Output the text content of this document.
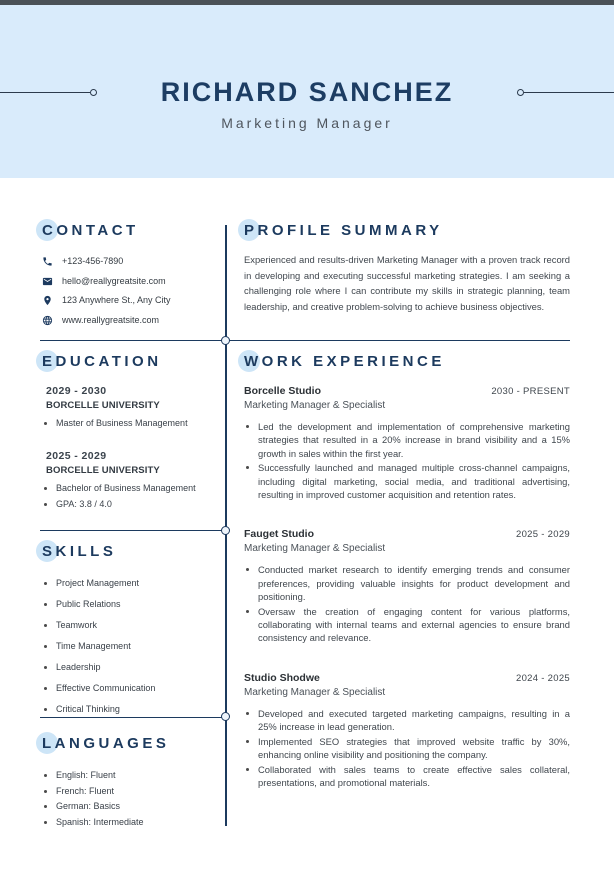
RICHARD SANCHEZ
Marketing Manager
CONTACT
+123-456-7890
hello@reallygreatsite.com
123 Anywhere St., Any City
www.reallygreatsite.com
EDUCATION
2029 - 2030
BORCELLE UNIVERSITY
Master of Business Management
2025 - 2029
BORCELLE UNIVERSITY
Bachelor of Business Management
GPA: 3.8 / 4.0
SKILLS
Project Management
Public Relations
Teamwork
Time Management
Leadership
Effective Communication
Critical Thinking
LANGUAGES
English: Fluent
French: Fluent
German: Basics
Spanish: Intermediate
PROFILE SUMMARY
Experienced and results-driven Marketing Manager with a proven track record in developing and executing successful marketing strategies. I am seeking a challenging role where I can contribute my skills in strategic planning, team leadership, and creative problem-solving to achieve business objectives.
WORK EXPERIENCE
Borcelle Studio	2030 - PRESENT
Marketing Manager & Specialist
Led the development and implementation of comprehensive marketing strategies that resulted in a 20% increase in brand visibility and a 15% growth in sales within the first year.
Successfully launched and managed multiple cross-channel campaigns, including digital marketing, social media, and traditional advertising, resulting in improved customer acquisition and retention rates.
Fauget Studio	2025 - 2029
Marketing Manager & Specialist
Conducted market research to identify emerging trends and consumer preferences, providing valuable insights for product development and positioning.
Oversaw the creation of engaging content for various platforms, collaborating with internal teams and external agencies to ensure brand consistency and relevance.
Studio Shodwe	2024 - 2025
Marketing Manager & Specialist
Developed and executed targeted marketing campaigns, resulting in a 25% increase in lead generation.
Implemented SEO strategies that improved website traffic by 30%, enhancing online visibility and positioning the company.
Collaborated with sales teams to create effective sales collateral, presentations, and promotional materials.
